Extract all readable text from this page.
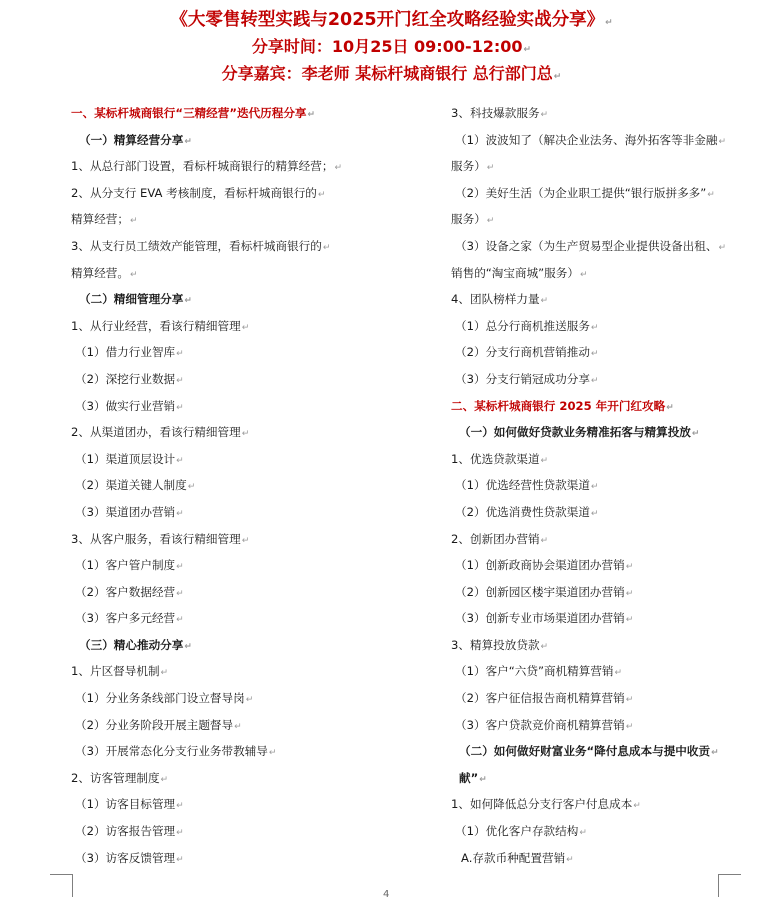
《大零售转型实践与2025开门红全攻略经验实战分享》↵
分享时间：10月25日 09:00-12:00↵
分享嘉宾：李老师 某标杆城商银行 总行部门总↵
一、某标杆城商银行“三精经营”迭代历程分享↵
（一）精算经营分享↵
1、从总行部门设置，看标杆城商银行的精算经营；↵
2、从分支行 EVA 考核制度，看标杆城商银行的↵
精算经营；↵
3、从支行员工绩效产能管理，看标杆城商银行的↵
精算经营。↵
（二）精细管理分享↵
1、从行业经营，看该行精细管理↵
（1）借力行业智库↵
（2）深挖行业数据↵
（3）做实行业营销↵
2、从渠道团办，看该行精细管理↵
（1）渠道顶层设计↵
（2）渠道关键人制度↵
（3）渠道团办营销↵
3、从客户服务，看该行精细管理↵
（1）客户管户制度↵
（2）客户数据经营↵
（3）客户多元经营↵
（三）精心推动分享↵
1、片区督导机制↵
（1）分业务条线部门设立督导岗↵
（2）分业务阶段开展主题督导↵
（3）开展常态化分支行业务带教辅导↵
2、访客管理制度↵
（1）访客目标管理↵
（2）访客报告管理↵
（3）访客反馈管理↵
3、科技爆款服务↵
（1）波波知了（解决企业法务、海外拓客等非金融↵
服务）↵
（2）美好生活（为企业职工提供“银行版拼多多”↵
服务）↵
（3）设备之家（为生产贸易型企业提供设备出租、↵
销售的“淘宝商城”服务）↵
4、团队榜样力量↵
（1）总分行商机推送服务↵
（2）分支行商机营销推动↵
（3）分支行销冠成功分享↵
二、某标杆城商银行 2025 年开门红攻略↵
（一）如何做好贷款业务精准拓客与精算投放↵
1、优选贷款渠道↵
（1）优选经营性贷款渠道↵
（2）优选消费性贷款渠道↵
2、创新团办营销↵
（1）创新政商协会渠道团办营销↵
（2）创新园区楼宇渠道团办营销↵
（3）创新专业市场渠道团办营销↵
3、精算投放贷款↵
（1）客户“六贷”商机精算营销↵
（2）客户征信报告商机精算营销↵
（3）客户贷款竞价商机精算营销↵
（二）如何做好财富业务“降付息成本与提中收贡↵
献”↵
1、如何降低总分支行客户付息成本↵
（1）优化客户存款结构↵
A.存款币种配置营销↵
4
